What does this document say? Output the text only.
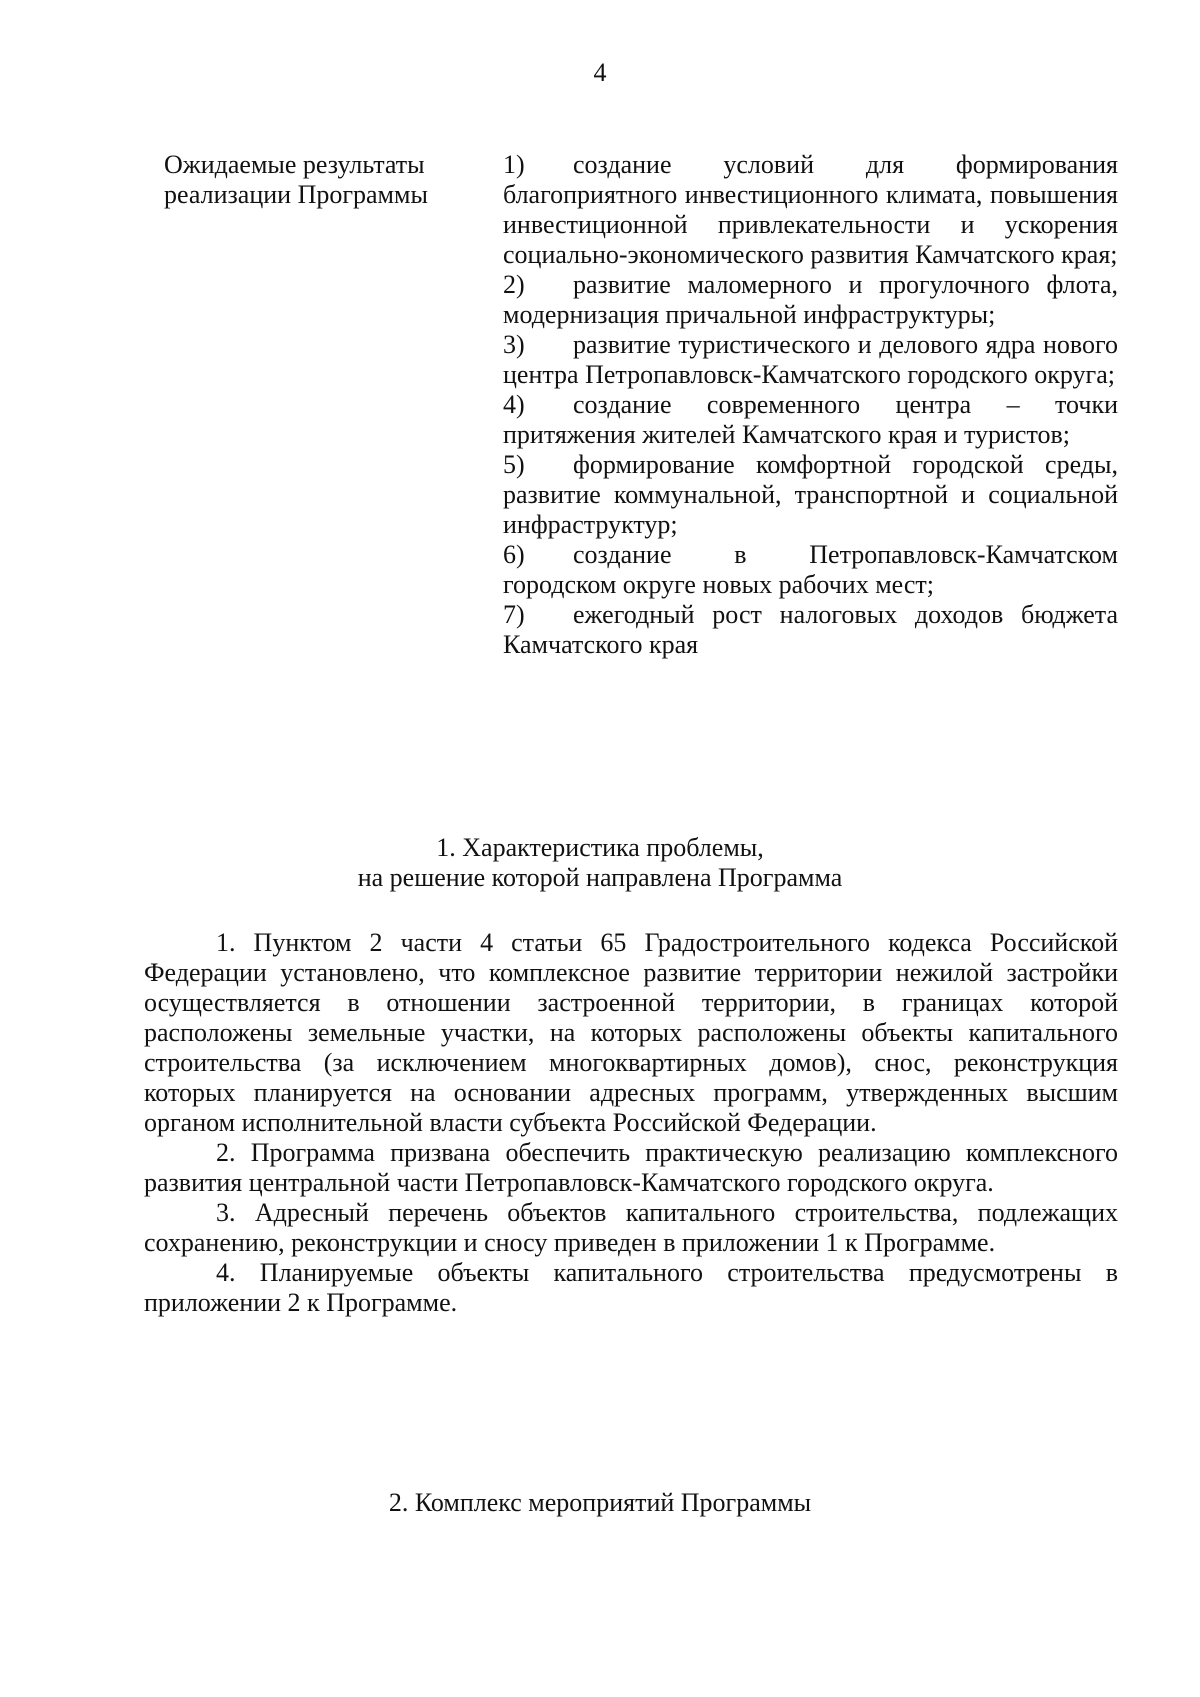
4
Ожидаемые результаты реализации Программы
1) создание условий для формирования благоприятного инвестиционного климата, повышения инвестиционной привлекательности и ускорения социально-экономического развития Камчатского края;
2) развитие маломерного и прогулочного флота, модернизация причальной инфраструктуры;
3) развитие туристического и делового ядра нового центра Петропавловск-Камчатского городского округа;
4) создание современного центра – точки притяжения жителей Камчатского края и туристов;
5) формирование комфортной городской среды, развитие коммунальной, транспортной и социальной инфраструктур;
6) создание в Петропавловск-Камчатском городском округе новых рабочих мест;
7) ежегодный рост налоговых доходов бюджета Камчатского края
1. Характеристика проблемы,
на решение которой направлена Программа

1. Пунктом 2 части 4 статьи 65 Градостроительного кодекса Российской Федерации установлено, что комплексное развитие территории нежилой застройки осуществляется в отношении застроенной территории, в границах которой расположены земельные участки, на которых расположены объекты капитального строительства (за исключением многоквартирных домов), снос, реконструкция которых планируется на основании адресных программ, утвержденных высшим органом исполнительной власти субъекта Российской Федерации.

2. Программа призвана обеспечить практическую реализацию комплексного развития центральной части Петропавловск-Камчатского городского округа.

3. Адресный перечень объектов капитального строительства, подлежащих сохранению, реконструкции и сносу приведен в приложении 1 к Программе.

4. Планируемые объекты капитального строительства предусмотрены в приложении 2 к Программе.

2. Комплекс мероприятий Программы
